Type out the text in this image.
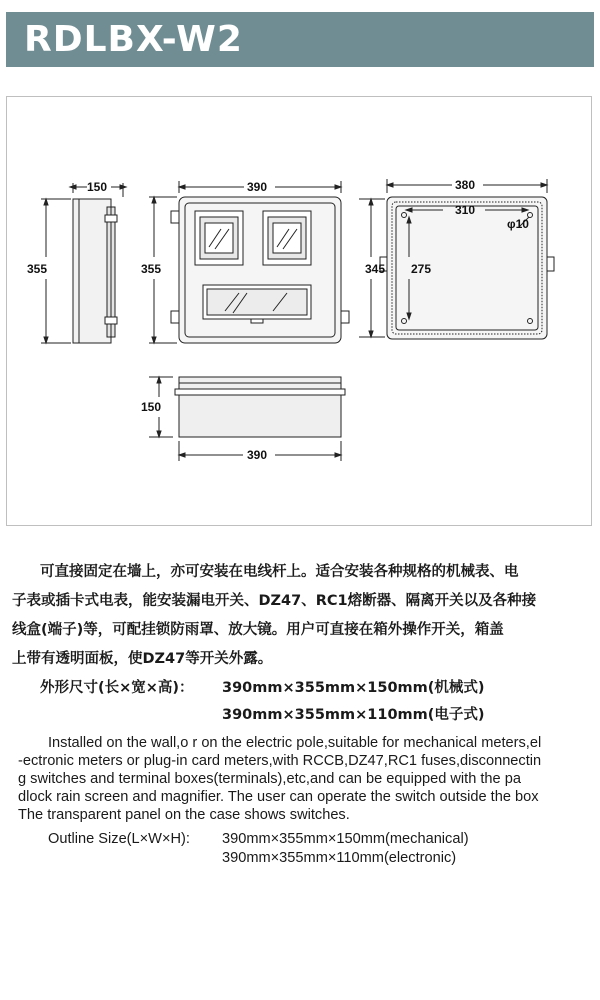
RDLBX-W2
150
355
390
355
380
310
345 275
φ10
150
390
可直接固定在墙上，亦可安装在电线杆上。适合安装各种规格的机械表、电
子表或插卡式电表，能安装漏电开关、DZ47、RC1熔断器、隔离开关以及各种接
线盒(端子)等，可配挂锁防雨罩、放大镜。用户可直接在箱外操作开关，箱盖
上带有透明面板，使DZ47等开关外露。
外形尺寸(长×宽×高)： 390mm×355mm×150mm(机械式)
390mm×355mm×110mm(电子式)
Installed on the wall,o r on the electric pole,suitable for mechanical meters,el
-ectronic meters or plug-in card meters,with RCCB,DZ47,RC1 fuses,disconnectin
g switches and terminal boxes(terminals),etc,and can be equipped with the pa
dlock rain screen and magnifier. The user can operate the switch outside the box
The transparent panel on the case shows switches.
Outline Size(L×W×H): 390mm×355mm×150mm(mechanical)
390mm×355mm×110mm(electronic)
